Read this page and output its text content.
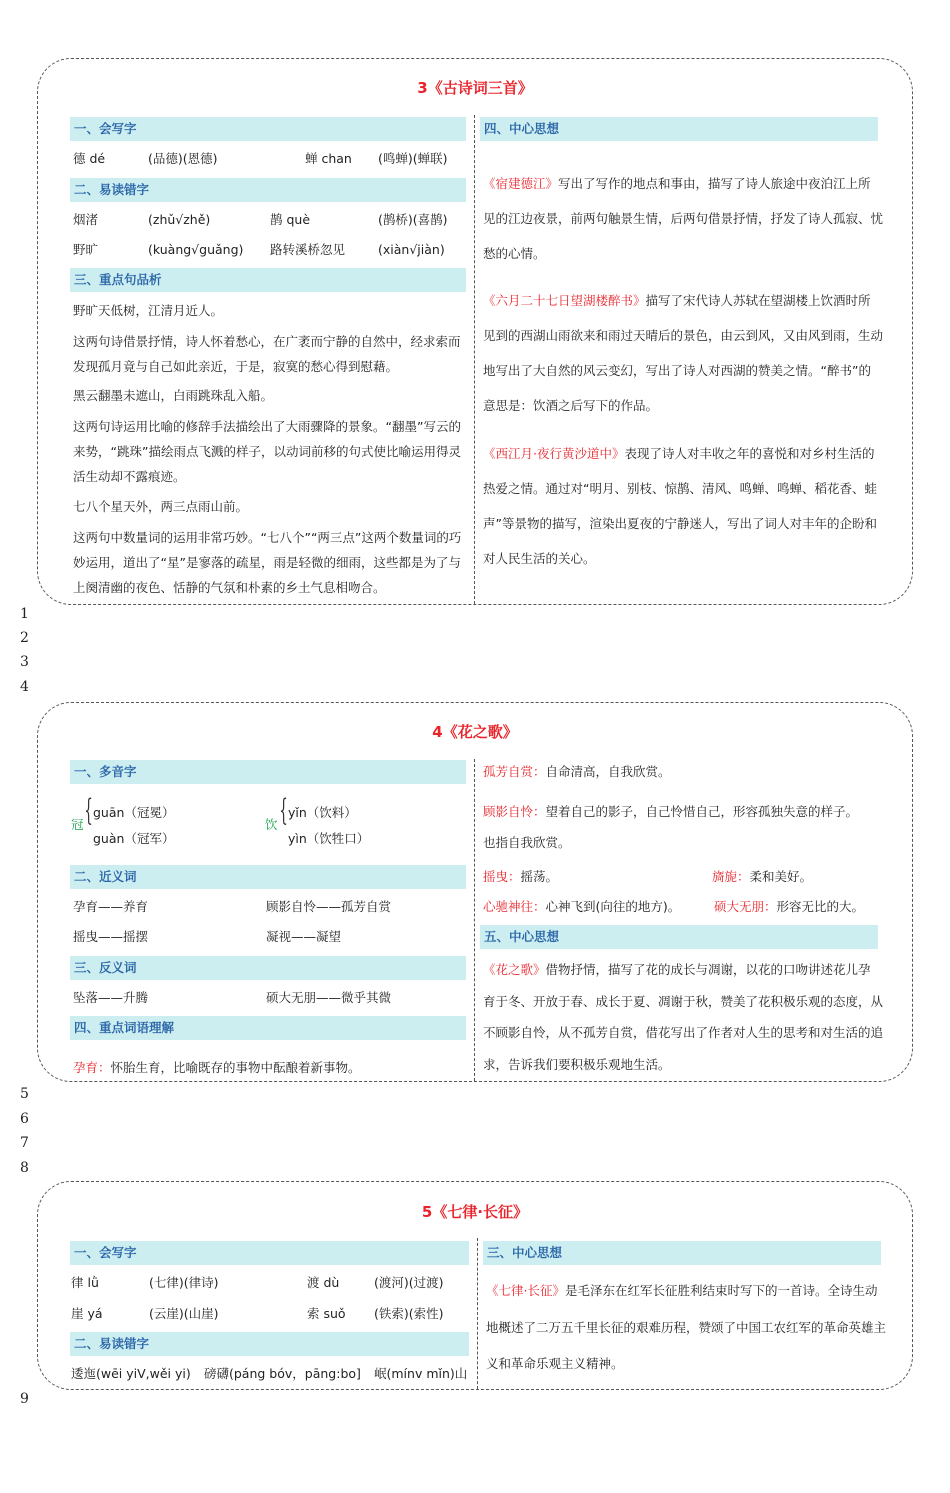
3《古诗词三首》
一、会写字
德 dé	(品德)(恩德)	蝉 chan (鸣蝉)(蝉联)
二、易读错字
烟渚	(zhǔ√zhě)	鹊 què	(鹊桥)(喜鹊)
野旷	(kuàng√guǎng) 路转溪桥忽见	(xiàn√jiàn)
三、重点句品析
野旷天低树，江清月近人。
这两句诗借景抒情，诗人怀着愁心，在广袤而宁静的自然中，经求索而发现孤月竟与自己如此亲近，于是，寂寞的愁心得到慰藉。
黑云翻墨未遮山，白雨跳珠乱入船。
这两句诗运用比喻的修辞手法描绘出了大雨骤降的景象。“翻墨”写云的来势，“跳珠”描绘雨点飞溅的样子，以动词前移的句式使比喻运用得灵活生动却不露痕迹。
七八个星天外，两三点雨山前。
这两句中数量词的运用非常巧妙。“七八个”“两三点”这两个数量词的巧妙运用，道出了“星”是寥落的疏星，雨是轻微的细雨，这些都是为了与上阕清幽的夜色、恬静的气氛和朴素的乡土气息相吻合。
四、中心思想
《宿建德江》写出了写作的地点和事由，描写了诗人旅途中夜泊江上所见的江边夜景，前两句触景生情，后两句借景抒情，抒发了诗人孤寂、忧愁的心情。
《六月二十七日望湖楼醉书》描写了宋代诗人苏轼在望湖楼上饮酒时所见到的西湖山雨欲来和雨过天晴后的景色，由云到风，又由风到雨，生动地写出了大自然的风云变幻，写出了诗人对西湖的赞美之情。“醉书”的意思是：饮酒之后写下的作品。
《西江月·夜行黄沙道中》表现了诗人对丰收之年的喜悦和对乡村生活的热爱之情。通过对“明月、别枝、惊鹊、清风、鸣蝉、鸣蝉、稻花香、蛙声”等景物的描写，渲染出夏夜的宁静迷人，写出了词人对丰年的企盼和对人民生活的关心。
1
2
3
4
4《花之歌》
一、多音字
冠 { guān（冠冕）
guàn（冠军）
饮 { yǐn（饮料）
yìn（饮牲口）
二、近义词
孕育——养育	顾影自怜——孤芳自赏
摇曳——摇摆	凝视——凝望
三、反义词
坠落——升腾	硕大无朋——微乎其微
四、重点词语理解
孕育：怀胎生育，比喻既存的事物中酝酿着新事物。
孤芳自赏：自命清高，自我欣赏。
顾影自怜：望着自己的影子，自己怜惜自己，形容孤独失意的样子。
也指自我欣赏。
摇曳：摇荡。	旖旎：柔和美好。
心驰神往：心神飞到(向往的地方)。	硕大无朋：形容无比的大。
五、中心思想
《花之歌》借物抒情，描写了花的成长与凋谢，以花的口吻讲述花儿孕育于冬、开放于春、成长于夏、凋谢于秋，赞美了花积极乐观的态度，从不顾影自怜，从不孤芳自赏，借花写出了作者对人生的思考和对生活的追求，告诉我们要积极乐观地生活。
5
6
7
8
5《七律·长征》
一、会写字
律 lǜ	(七律)(律诗)	渡 dù	(渡河)(过渡)
崖 yá	(云崖)(山崖)	索 suǒ (铁索)(索性)
二、易读错字
逶迤(wēi yiV,wěi yi) 磅礴(páng bóv，pāng:bo] 岷(mínv mǐn)山
三、中心思想
《七律·长征》是毛泽东在红军长征胜利结束时写下的一首诗。全诗生动地概述了二万五千里长征的艰难历程，赞颂了中国工农红军的革命英雄主义和革命乐观主义精神。
9
